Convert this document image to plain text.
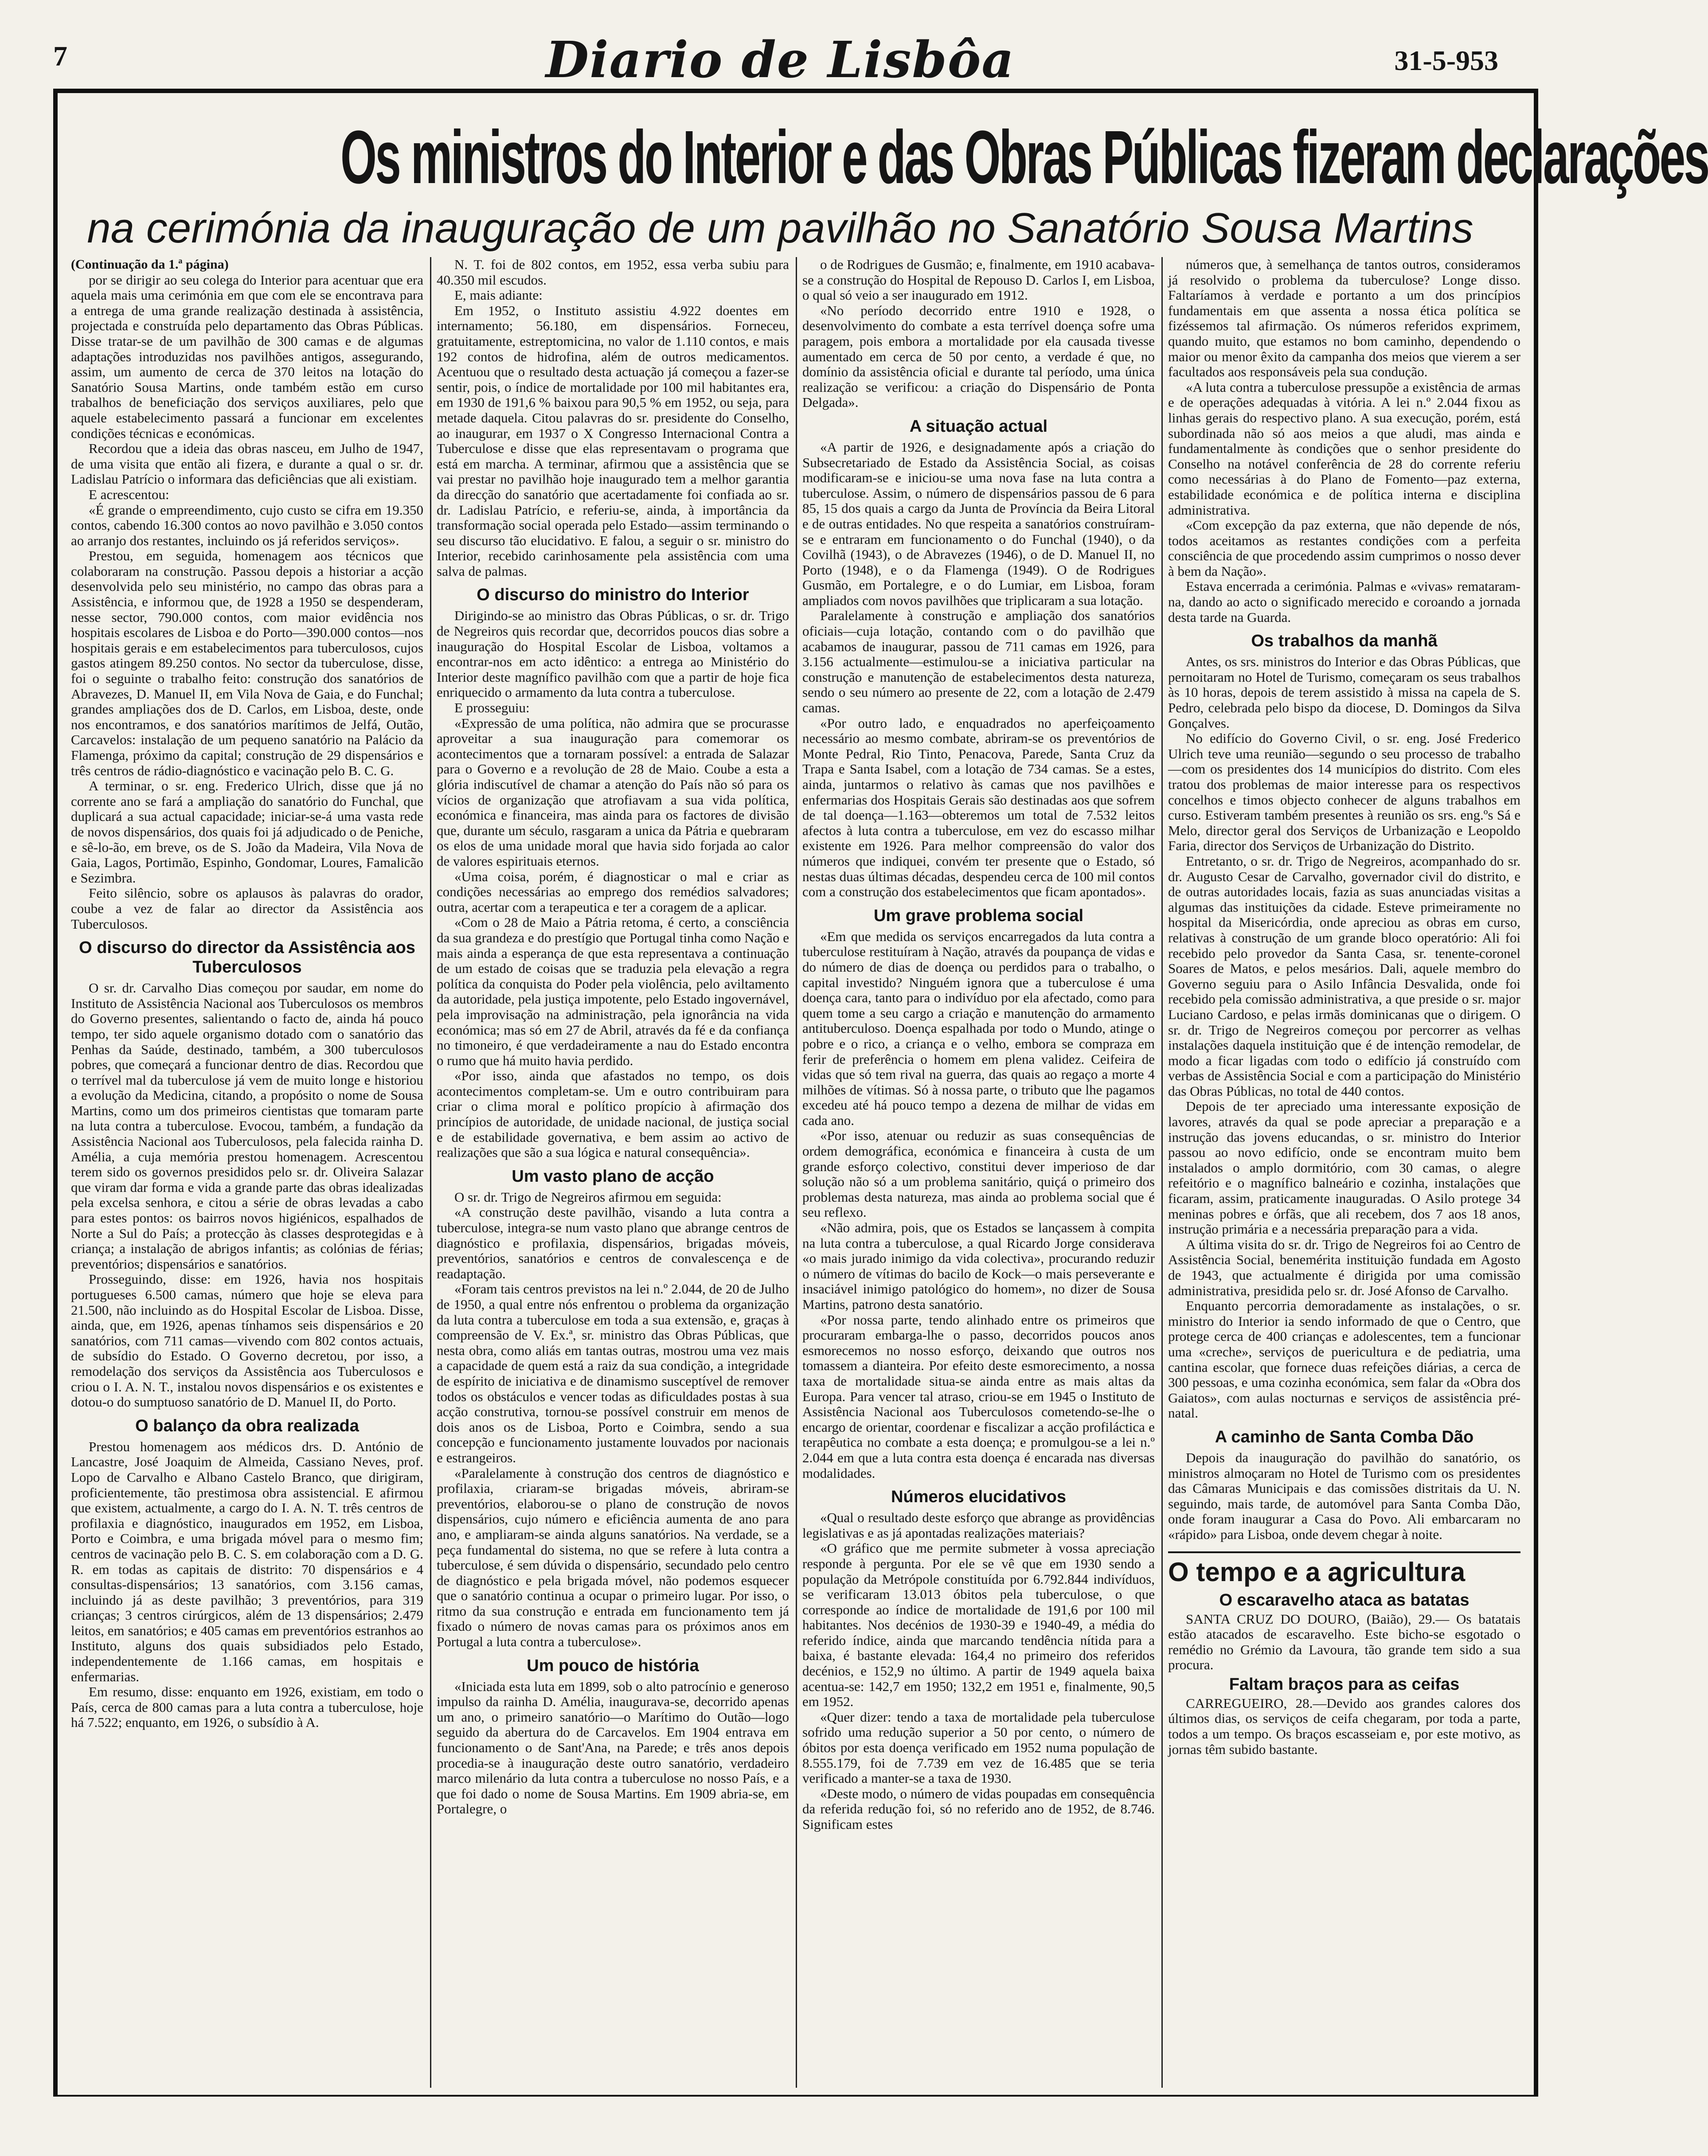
7	Diario de Lisbôa	31-5-953
Os ministros do Interior e das Obras Públicas fizeram declarações
na cerimónia da inauguração de um pavilhão no Sanatório Sousa Martins

(Continuação da 1.ª página)

por se dirigir ao seu colega do Interior para acentuar que era aquela mais uma cerimónia em que com ele se encontrava para a entrega de uma grande realização destinada à assistência, projectada e construída pelo departamento das Obras Públicas. Disse tratar-se de um pavilhão de 300 camas e de algumas adaptações introduzidas nos pavilhões antigos, assegurando, assim, um aumento de cerca de 370 leitos na lotação do Sanatório Sousa Martins, onde também estão em curso trabalhos de beneficiação dos serviços auxiliares, pelo que aquele estabelecimento passará a funcionar em excelentes condições técnicas e económicas.

Recordou que a ideia das obras nasceu, em Julho de 1947, de uma visita que então ali fizera, e durante a qual o sr. dr. Ladislau Patrício o informara das deficiências que ali existiam.

E acrescentou:

«É grande o empreendimento, cujo custo se cifra em 19.350 contos, cabendo 16.300 contos ao novo pavilhão e 3.050 contos ao arranjo dos restantes, incluindo os já referidos serviços».

Prestou, em seguida, homenagem aos técnicos que colaboraram na construção. Passou depois a historiar a acção desenvolvida pelo seu ministério, no campo das obras para a Assistência, e informou que, de 1928 a 1950 se despenderam, nesse sector, 790.000 contos, com maior evidência nos hospitais escolares de Lisboa e do Porto—390.000 contos—nos hospitais gerais e em estabelecimentos para tuberculosos, cujos gastos atingem 89.250 contos. No sector da tuberculose, disse, foi o seguinte o trabalho feito: construção dos sanatórios de Abravezes, D. Manuel II, em Vila Nova de Gaia, e do Funchal; grandes ampliações dos de D. Carlos, em Lisboa, deste, onde nos encontramos, e dos sanatórios marítimos de Jelfá, Outão, Carcavelos: instalação de um pequeno sanatório na Palácio da Flamenga, próximo da capital; construção de 29 dispensários e três centros de rádio-diagnóstico e vacinação pelo B. C. G.

A terminar, o sr. eng. Frederico Ulrich, disse que já no corrente ano se fará a ampliação do sanatório do Funchal, que duplicará a sua actual capacidade; iniciar-se-á uma vasta rede de novos dispensários, dos quais foi já adjudicado o de Peniche, e sê-lo-ão, em breve, os de S. João da Madeira, Vila Nova de Gaia, Lagos, Portimão, Espinho, Gondomar, Loures, Famalicão e Sezimbra.

Feito silêncio, sobre os aplausos às palavras do orador, coube a vez de falar ao director da Assistência aos Tuberculosos.

O discurso do director da Assistência aos Tuberculosos

O sr. dr. Carvalho Dias começou por saudar, em nome do Instituto de Assistência Nacional aos Tuberculosos os membros do Governo presentes, salientando o facto de, ainda há pouco tempo, ter sido aquele organismo dotado com o sanatório das Penhas da Saúde, destinado, também, a 300 tuberculosos pobres, que começará a funcionar dentro de dias. Recordou que o terrível mal da tuberculose já vem de muito longe e historiou a evolução da Medicina, citando, a propósito o nome de Sousa Martins, como um dos primeiros cientistas que tomaram parte na luta contra a tuberculose. Evocou, também, a fundação da Assistência Nacional aos Tuberculosos, pela falecida rainha D. Amélia, a cuja memória prestou homenagem. Acrescentou terem sido os governos presididos pelo sr. dr. Oliveira Salazar que viram dar forma e vida a grande parte das obras idealizadas pela excelsa senhora, e citou a série de obras levadas a cabo para estes pontos: os bairros novos higiénicos, espalhados de Norte a Sul do País; a protecção às classes desprotegidas e à criança; a instalação de abrigos infantis; as colónias de férias; preventórios; dispensários e sanatórios.

Prosseguindo, disse: em 1926, havia nos hospitais portugueses 6.500 camas, número que hoje se eleva para 21.500, não incluindo as do Hospital Escolar de Lisboa. Disse, ainda, que, em 1926, apenas tínhamos seis dispensários e 20 sanatórios, com 711 camas—vivendo com 802 contos actuais, de subsídio do Estado. O Governo decretou, por isso, a remodelação dos serviços da Assistência aos Tuberculosos e criou o I. A. N. T., instalou novos dispensários e os existentes e dotou-o do sumptuoso sanatório de D. Manuel II, do Porto.

O balanço da obra realizada

Prestou homenagem aos médicos drs. D. António de Lancastre, José Joaquim de Almeida, Cassiano Neves, prof. Lopo de Carvalho e Albano Castelo Branco, que dirigiram, proficientemente, tão prestimosa obra assistencial. E afirmou que existem, actualmente, a cargo do I. A. N. T. três centros de profilaxia e diagnóstico, inaugurados em 1952, em Lisboa, Porto e Coimbra, e uma brigada móvel para o mesmo fim; centros de vacinação pelo B. C. S. em colaboração com a D. G. R. em todas as capitais de distrito: 70 dispensários e 4 consultas-dispensários; 13 sanatórios, com 3.156 camas, incluindo já as deste pavilhão; 3 preventórios, para 319 crianças; 3 centros cirúrgicos, além de 13 dispensários; 2.479 leitos, em sanatórios; e 405 camas em preventórios estranhos ao Instituto, alguns dos quais subsidiados pelo Estado, independentemente de 1.166 camas, em hospitais e enfermarias.

Em resumo, disse: enquanto em 1926, existiam, em todo o País, cerca de 800 camas para a luta contra a tuberculose, hoje há 7.522; enquanto, em 1926, o subsídio à A.

N. T. foi de 802 contos, em 1952, essa verba subiu para 40.350 mil escudos.

E, mais adiante:

Em 1952, o Instituto assistiu 4.922 doentes em internamento; 56.180, em dispensários. Forneceu, gratuitamente, estreptomicina, no valor de 1.110 contos, e mais 192 contos de hidrofina, além de outros medicamentos. Acentuou que o resultado desta actuação já começou a fazer-se sentir, pois, o índice de mortalidade por 100 mil habitantes era, em 1930 de 191,6 % baixou para 90,5 % em 1952, ou seja, para metade daquela. Citou palavras do sr. presidente do Conselho, ao inaugurar, em 1937 o X Congresso Internacional Contra a Tuberculose e disse que elas representavam o programa que está em marcha. A terminar, afirmou que a assistência que se vai prestar no pavilhão hoje inaugurado tem a melhor garantia da direcção do sanatório que acertadamente foi confiada ao sr. dr. Ladislau Patrício, e referiu-se, ainda, à importância da transformação social operada pelo Estado—assim terminando o seu discurso tão elucidativo. E falou, a seguir o sr. ministro do Interior, recebido carinhosamente pela assistência com uma salva de palmas.

O discurso do ministro do Interior

Dirigindo-se ao ministro das Obras Públicas, o sr. dr. Trigo de Negreiros quis recordar que, decorridos poucos dias sobre a inauguração do Hospital Escolar de Lisboa, voltamos a encontrar-nos em acto idêntico: a entrega ao Ministério do Interior deste magnífico pavilhão com que a partir de hoje fica enriquecido o armamento da luta contra a tuberculose.

E prosseguiu:

«Expressão de uma política, não admira que se procurasse aproveitar a sua inauguração para comemorar os acontecimentos que a tornaram possível: a entrada de Salazar para o Governo e a revolução de 28 de Maio. Coube a esta a glória indiscutível de chamar a atenção do País não só para os vícios de organização que atrofiavam a sua vida política, económica e financeira, mas ainda para os factores de divisão que, durante um século, rasgaram a unica da Pátria e quebraram os elos de uma unidade moral que havia sido forjada ao calor de valores espirituais eternos.

«Uma coisa, porém, é diagnosticar o mal e criar as condições necessárias ao emprego dos remédios salvadores; outra, acertar com a terapeutica e ter a coragem de a aplicar.

«Com o 28 de Maio a Pátria retoma, é certo, a consciência da sua grandeza e do prestígio que Portugal tinha como Nação e mais ainda a esperança de que esta representava a continuação de um estado de coisas que se traduzia pela elevação a regra política da conquista do Poder pela violência, pelo aviltamento da autoridade, pela justiça impotente, pelo Estado ingovernável, pela improvisação na administração, pela ignorância na vida económica; mas só em 27 de Abril, através da fé e da confiança no timoneiro, é que verdadeiramente a nau do Estado encontra o rumo que há muito havia perdido.

«Por isso, ainda que afastados no tempo, os dois acontecimentos completam-se. Um e outro contribuiram para criar o clima moral e político propício à afirmação dos princípios de autoridade, de unidade nacional, de justiça social e de estabilidade governativa, e bem assim ao activo de realizações que são a sua lógica e natural consequência».

Um vasto plano de acção

O sr. dr. Trigo de Negreiros afirmou em seguida:

«A construção deste pavilhão, visando a luta contra a tuberculose, integra-se num vasto plano que abrange centros de diagnóstico e profilaxia, dispensários, brigadas móveis, preventórios, sanatórios e centros de convalescença e de readaptação.

«Foram tais centros previstos na lei n.º 2.044, de 20 de Julho de 1950, a qual entre nós enfrentou o problema da organização da luta contra a tuberculose em toda a sua extensão, e, graças à compreensão de V. Ex.ª, sr. ministro das Obras Públicas, que nesta obra, como aliás em tantas outras, mostrou uma vez mais a capacidade de quem está a raiz da sua condição, a integridade de espírito de iniciativa e de dinamismo susceptível de remover todos os obstáculos e vencer todas as dificuldades postas à sua acção construtiva, tornou-se possível construir em menos de dois anos os de Lisboa, Porto e Coimbra, sendo a sua concepção e funcionamento justamente louvados por nacionais e estrangeiros.

«Paralelamente à construção dos centros de diagnóstico e profilaxia, criaram-se brigadas móveis, abriram-se preventórios, elaborou-se o plano de construção de novos dispensários, cujo número e eficiência aumenta de ano para ano, e ampliaram-se ainda alguns sanatórios. Na verdade, se a peça fundamental do sistema, no que se refere à luta contra a tuberculose, é sem dúvida o dispensário, secundado pelo centro de diagnóstico e pela brigada móvel, não podemos esquecer que o sanatório continua a ocupar o primeiro lugar. Por isso, o ritmo da sua construção e entrada em funcionamento tem já fixado o número de novas camas para os próximos anos em Portugal a luta contra a tuberculose».

Um pouco de história

«Iniciada esta luta em 1899, sob o alto patrocínio e generoso impulso da rainha D. Amélia, inaugurava-se, decorrido apenas um ano, o primeiro sanatório—o Marítimo do Outão—logo seguido da abertura do de Carcavelos. Em 1904 entrava em funcionamento o de Sant'Ana, na Parede; e três anos depois procedia-se à inauguração deste outro sanatório, verdadeiro marco milenário da luta contra a tuberculose no nosso País, e a que foi dado o nome de Sousa Martins. Em 1909 abria-se, em Portalegre, o

o de Rodrigues de Gusmão; e, finalmente, em 1910 acabava-se a construção do Hospital de Repouso D. Carlos I, em Lisboa, o qual só veio a ser inaugurado em 1912.

«No período decorrido entre 1910 e 1928, o desenvolvimento do combate a esta terrível doença sofre uma paragem, pois embora a mortalidade por ela causada tivesse aumentado em cerca de 50 por cento, a verdade é que, no domínio da assistência oficial e durante tal período, uma única realização se verificou: a criação do Dispensário de Ponta Delgada».

A situação actual

«A partir de 1926, e designadamente após a criação do Subsecretariado de Estado da Assistência Social, as coisas modificaram-se e iniciou-se uma nova fase na luta contra a tuberculose. Assim, o número de dispensários passou de 6 para 85, 15 dos quais a cargo da Junta de Província da Beira Litoral e de outras entidades. No que respeita a sanatórios construíram-se e entraram em funcionamento o do Funchal (1940), o da Covilhã (1943), o de Abravezes (1946), o de D. Manuel II, no Porto (1948), e o da Flamenga (1949). O de Rodrigues Gusmão, em Portalegre, e o do Lumiar, em Lisboa, foram ampliados com novos pavilhões que triplicaram a sua lotação.

Paralelamente à construção e ampliação dos sanatórios oficiais—cuja lotação, contando com o do pavilhão que acabamos de inaugurar, passou de 711 camas em 1926, para 3.156 actualmente—estimulou-se a iniciativa particular na construção e manutenção de estabelecimentos desta natureza, sendo o seu número ao presente de 22, com a lotação de 2.479 camas.

«Por outro lado, e enquadrados no aperfeiçoamento necessário ao mesmo combate, abriram-se os preventórios de Monte Pedral, Rio Tinto, Penacova, Parede, Santa Cruz da Trapa e Santa Isabel, com a lotação de 734 camas. Se a estes, ainda, juntarmos o relativo às camas que nos pavilhões e enfermarias dos Hospitais Gerais são destinadas aos que sofrem de tal doença—1.163—obteremos um total de 7.532 leitos afectos à luta contra a tuberculose, em vez do escasso milhar existente em 1926. Para melhor compreensão do valor dos números que indiquei, convém ter presente que o Estado, só nestas duas últimas décadas, despendeu cerca de 100 mil contos com a construção dos estabelecimentos que ficam apontados».

Um grave problema social

«Em que medida os serviços encarregados da luta contra a tuberculose restituíram à Nação, através da poupança de vidas e do número de dias de doença ou perdidos para o trabalho, o capital investido? Ninguém ignora que a tuberculose é uma doença cara, tanto para o indivíduo por ela afectado, como para quem tome a seu cargo a criação e manutenção do armamento antituberculoso. Doença espalhada por todo o Mundo, atinge o pobre e o rico, a criança e o velho, embora se compraza em ferir de preferência o homem em plena validez. Ceifeira de vidas que só tem rival na guerra, das quais ao regaço a morte 4 milhões de vítimas. Só à nossa parte, o tributo que lhe pagamos excedeu até há pouco tempo a dezena de milhar de vidas em cada ano.

«Por isso, atenuar ou reduzir as suas consequências de ordem demográfica, económica e financeira à custa de um grande esforço colectivo, constitui dever imperioso de dar solução não só a um problema sanitário, quiçá o primeiro dos problemas desta natureza, mas ainda ao problema social que é seu reflexo.

«Não admira, pois, que os Estados se lançassem à compita na luta contra a tuberculose, a qual Ricardo Jorge considerava «o mais jurado inimigo da vida colectiva», procurando reduzir o número de vítimas do bacilo de Kock—o mais perseverante e insaciável inimigo patológico do homem», no dizer de Sousa Martins, patrono desta sanatório.

«Por nossa parte, tendo alinhado entre os primeiros que procuraram embarga-lhe o passo, decorridos poucos anos esmorecemos no nosso esforço, deixando que outros nos tomassem a dianteira. Por efeito deste esmorecimento, a nossa taxa de mortalidade situa-se ainda entre as mais altas da Europa. Para vencer tal atraso, criou-se em 1945 o Instituto de Assistência Nacional aos Tuberculosos cometendo-se-lhe o encargo de orientar, coordenar e fiscalizar a acção profiláctica e terapêutica no combate a esta doença; e promulgou-se a lei n.º 2.044 em que a luta contra esta doença é encarada nas diversas modalidades.

Números elucidativos

«Qual o resultado deste esforço que abrange as providências legislativas e as já apontadas realizações materiais?

«O gráfico que me permite submeter à vossa apreciação responde à pergunta. Por ele se vê que em 1930 sendo a população da Metrópole constituída por 6.792.844 indivíduos, se verificaram 13.013 óbitos pela tuberculose, o que corresponde ao índice de mortalidade de 191,6 por 100 mil habitantes. Nos decénios de 1930-39 e 1940-49, a média do referido índice, ainda que marcando tendência nítida para a baixa, é bastante elevada: 164,4 no primeiro dos referidos decénios, e 152,9 no último. A partir de 1949 aquela baixa acentua-se: 142,7 em 1950; 132,2 em 1951 e, finalmente, 90,5 em 1952.

«Quer dizer: tendo a taxa de mortalidade pela tuberculose sofrido uma redução superior a 50 por cento, o número de óbitos por esta doença verificado em 1952 numa população de 8.555.179, foi de 7.739 em vez de 16.485 que se teria verificado a manter-se a taxa de 1930.

«Deste modo, o número de vidas poupadas em consequência da referida redução foi, só no referido ano de 1952, de 8.746. Significam estes

números que, à semelhança de tantos outros, consideramos já resolvido o problema da tuberculose? Longe disso. Faltaríamos à verdade e portanto a um dos princípios fundamentais em que assenta a nossa ética política se fizéssemos tal afirmação. Os números referidos exprimem, quando muito, que estamos no bom caminho, dependendo o maior ou menor êxito da campanha dos meios que vierem a ser facultados aos responsáveis pela sua condução.

«A luta contra a tuberculose pressupõe a existência de armas e de operações adequadas à vitória. A lei n.º 2.044 fixou as linhas gerais do respectivo plano. A sua execução, porém, está subordinada não só aos meios a que aludi, mas ainda e fundamentalmente às condições que o senhor presidente do Conselho na notável conferência de 28 do corrente referiu como necessárias à do Plano de Fomento—paz externa, estabilidade económica e de política interna e disciplina administrativa.

«Com excepção da paz externa, que não depende de nós, todos aceitamos as restantes condições com a perfeita consciência de que procedendo assim cumprimos o nosso dever à bem da Nação».

Estava encerrada a cerimónia. Palmas e «vivas» remataram-na, dando ao acto o significado merecido e coroando a jornada desta tarde na Guarda.

Os trabalhos da manhã

Antes, os srs. ministros do Interior e das Obras Públicas, que pernoitaram no Hotel de Turismo, começaram os seus trabalhos às 10 horas, depois de terem assistido à missa na capela de S. Pedro, celebrada pelo bispo da diocese, D. Domingos da Silva Gonçalves.

No edifício do Governo Civil, o sr. eng. José Frederico Ulrich teve uma reunião—segundo o seu processo de trabalho—com os presidentes dos 14 municípios do distrito. Com eles tratou dos problemas de maior interesse para os respectivos concelhos e timos objecto conhecer de alguns trabalhos em curso. Estiveram também presentes à reunião os srs. eng.ºs Sá e Melo, director geral dos Serviços de Urbanização e Leopoldo Faria, director dos Serviços de Urbanização do Distrito.

Entretanto, o sr. dr. Trigo de Negreiros, acompanhado do sr. dr. Augusto Cesar de Carvalho, governador civil do distrito, e de outras autoridades locais, fazia as suas anunciadas visitas a algumas das instituições da cidade. Esteve primeiramente no hospital da Misericórdia, onde apreciou as obras em curso, relativas à construção de um grande bloco operatório: Ali foi recebido pelo provedor da Santa Casa, sr. tenente-coronel Soares de Matos, e pelos mesários. Dali, aquele membro do Governo seguiu para o Asilo Infância Desvalida, onde foi recebido pela comissão administrativa, a que preside o sr. major Luciano Cardoso, e pelas irmãs dominicanas que o dirigem. O sr. dr. Trigo de Negreiros começou por percorrer as velhas instalações daquela instituição que é de intenção remodelar, de modo a ficar ligadas com todo o edifício já construído com verbas de Assistência Social e com a participação do Ministério das Obras Públicas, no total de 440 contos.

Depois de ter apreciado uma interessante exposição de lavores, através da qual se pode apreciar a preparação e a instrução das jovens educandas, o sr. ministro do Interior passou ao novo edifício, onde se encontram muito bem instalados o amplo dormitório, com 30 camas, o alegre refeitório e o magnífico balneário e cozinha, instalações que ficaram, assim, praticamente inauguradas. O Asilo protege 34 meninas pobres e órfãs, que ali recebem, dos 7 aos 18 anos, instrução primária e a necessária preparação para a vida.

A última visita do sr. dr. Trigo de Negreiros foi ao Centro de Assistência Social, benemérita instituição fundada em Agosto de 1943, que actualmente é dirigida por uma comissão administrativa, presidida pelo sr. dr. José Afonso de Carvalho.

Enquanto percorria demoradamente as instalações, o sr. ministro do Interior ia sendo informado de que o Centro, que protege cerca de 400 crianças e adolescentes, tem a funcionar uma «creche», serviços de puericultura e de pediatria, uma cantina escolar, que fornece duas refeições diárias, a cerca de 300 pessoas, e uma cozinha económica, sem falar da «Obra dos Gaiatos», com aulas nocturnas e serviços de assistência pré-natal.

A caminho de Santa Comba Dão

Depois da inauguração do pavilhão do sanatório, os ministros almoçaram no Hotel de Turismo com os presidentes das Câmaras Municipais e das comissões distritais da U. N. seguindo, mais tarde, de automóvel para Santa Comba Dão, onde foram inaugurar a Casa do Povo. Ali embarcaram no «rápido» para Lisboa, onde devem chegar à noite.

O tempo e a agricultura
O escaravelho ataca as batatas

SANTA CRUZ DO DOURO, (Baião), 29.— Os batatais estão atacados de escaravelho. Este bicho-se esgotado o remédio no Grémio da Lavoura, tão grande tem sido a sua procura.

Faltam braços para as ceifas

CARREGUEIRO, 28.—Devido aos grandes calores dos últimos dias, os serviços de ceifa chegaram, por toda a parte, todos a um tempo. Os braços escasseiam e, por este motivo, as jornas têm subido bastante.
